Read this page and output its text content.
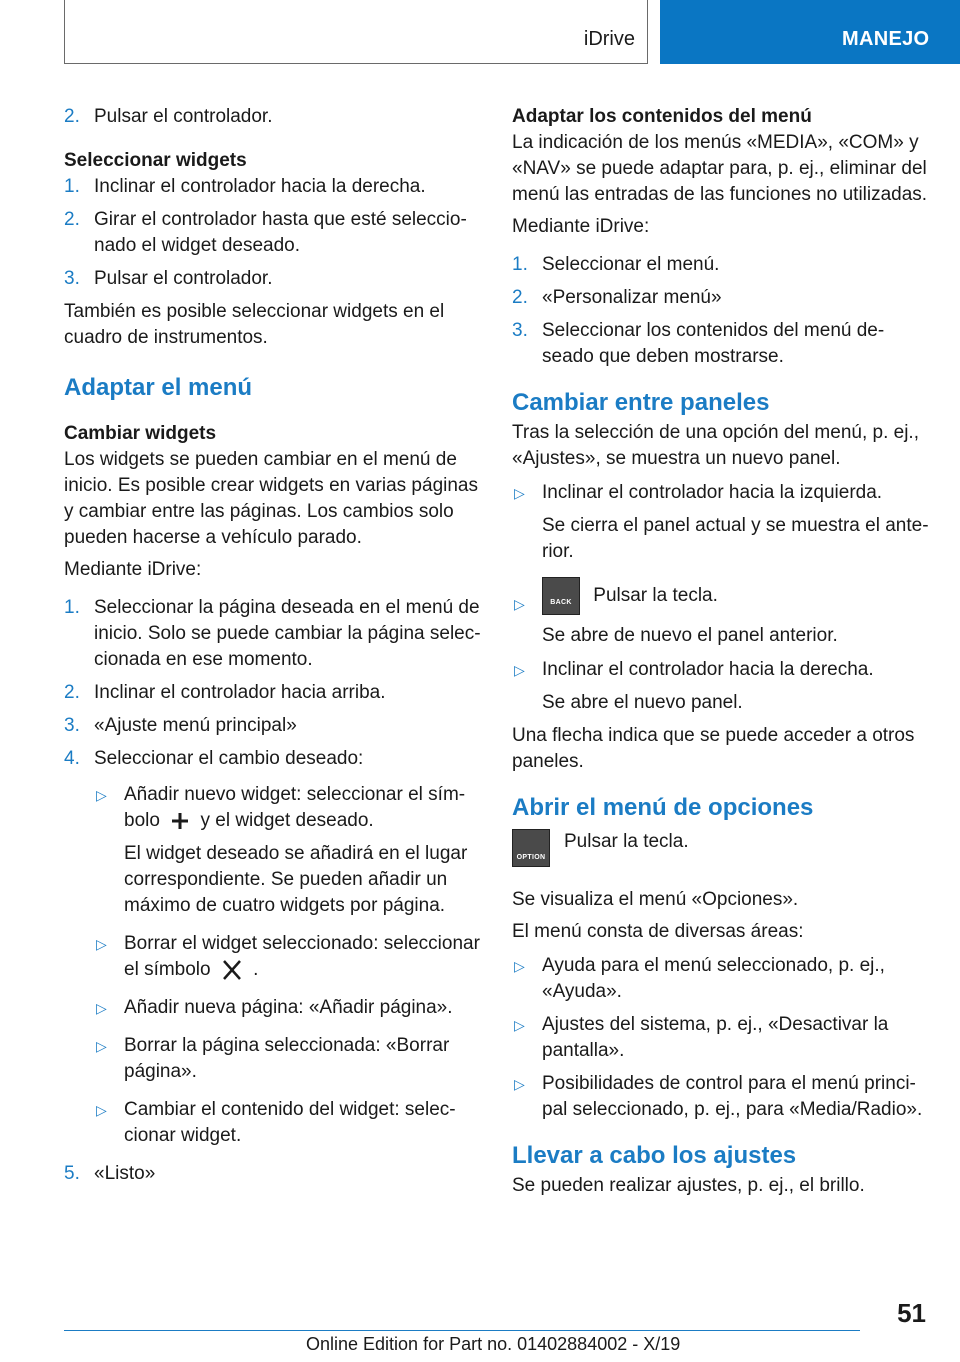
iDrive	MANEJO
2. Pulsar el controlador.

Seleccionar widgets

1. Inclinar el controlador hacia la derecha.
2. Girar el controlador hasta que esté seleccio‐nado el widget deseado.
3. Pulsar el controlador.

También es posible seleccionar widgets en el cuadro de instrumentos.

Adaptar el menú

Cambiar widgets

Los widgets se pueden cambiar en el menú de inicio. Es posible crear widgets en varias páginas y cambiar entre las páginas. Los cambios solo pueden hacerse a vehículo parado.

Mediante iDrive:

1. Seleccionar la página deseada en el menú de inicio. Solo se puede cambiar la página selec‐cionada en ese momento.
2. Inclinar el controlador hacia arriba.
3. «Ajuste menú principal»
4. Seleccionar el cambio deseado:
▷ Añadir nuevo widget: seleccionar el sím‐
bolo y el widget deseado.

El widget deseado se añadirá en el lugar correspondiente. Se pueden añadir un máximo de cuatro widgets por página.

▷ Borrar el widget seleccionado: seleccionar
el símbolo .
▷ Añadir nueva página: «Añadir página».
▷ Borrar la página seleccionada: «Borrar página».
▷ Cambiar el contenido del widget: selec‐cionar widget.
5. «Listo»

Adaptar los contenidos del menú

La indicación de los menús «MEDIA», «COM» y «NAV» se puede adaptar para, p. ej., eliminar del menú las entradas de las funciones no utilizadas.

Mediante iDrive:

1. Seleccionar el menú.
2. «Personalizar menú»
3. Seleccionar los contenidos del menú de‐seado que deben mostrarse.
Cambiar entre paneles

Tras la selección de una opción del menú, p. ej., «Ajustes», se muestra un nuevo panel.

▷ Inclinar el controlador hacia la izquierda.

Se cierra el panel actual y se muestra el ante‐rior.

▷	BACK	Pulsar la tecla.

Se abre de nuevo el panel anterior.

▷ Inclinar el controlador hacia la derecha.

Se abre el nuevo panel.

Una flecha indica que se puede acceder a otros paneles.

Abrir el menú de opciones
OPTION
Pulsar la tecla.

Se visualiza el menú «Opciones».

El menú consta de diversas áreas:

▷ Ayuda para el menú seleccionado, p. ej., «Ayuda».
▷ Ajustes del sistema, p. ej., «Desactivar la pantalla».
▷ Posibilidades de control para el menú princi‐pal seleccionado, p. ej., para «Media/Radio».
Llevar a cabo los ajustes

Se pueden realizar ajustes, p. ej., el brillo.

51
Online Edition for Part no. 01402884002 - X/19
